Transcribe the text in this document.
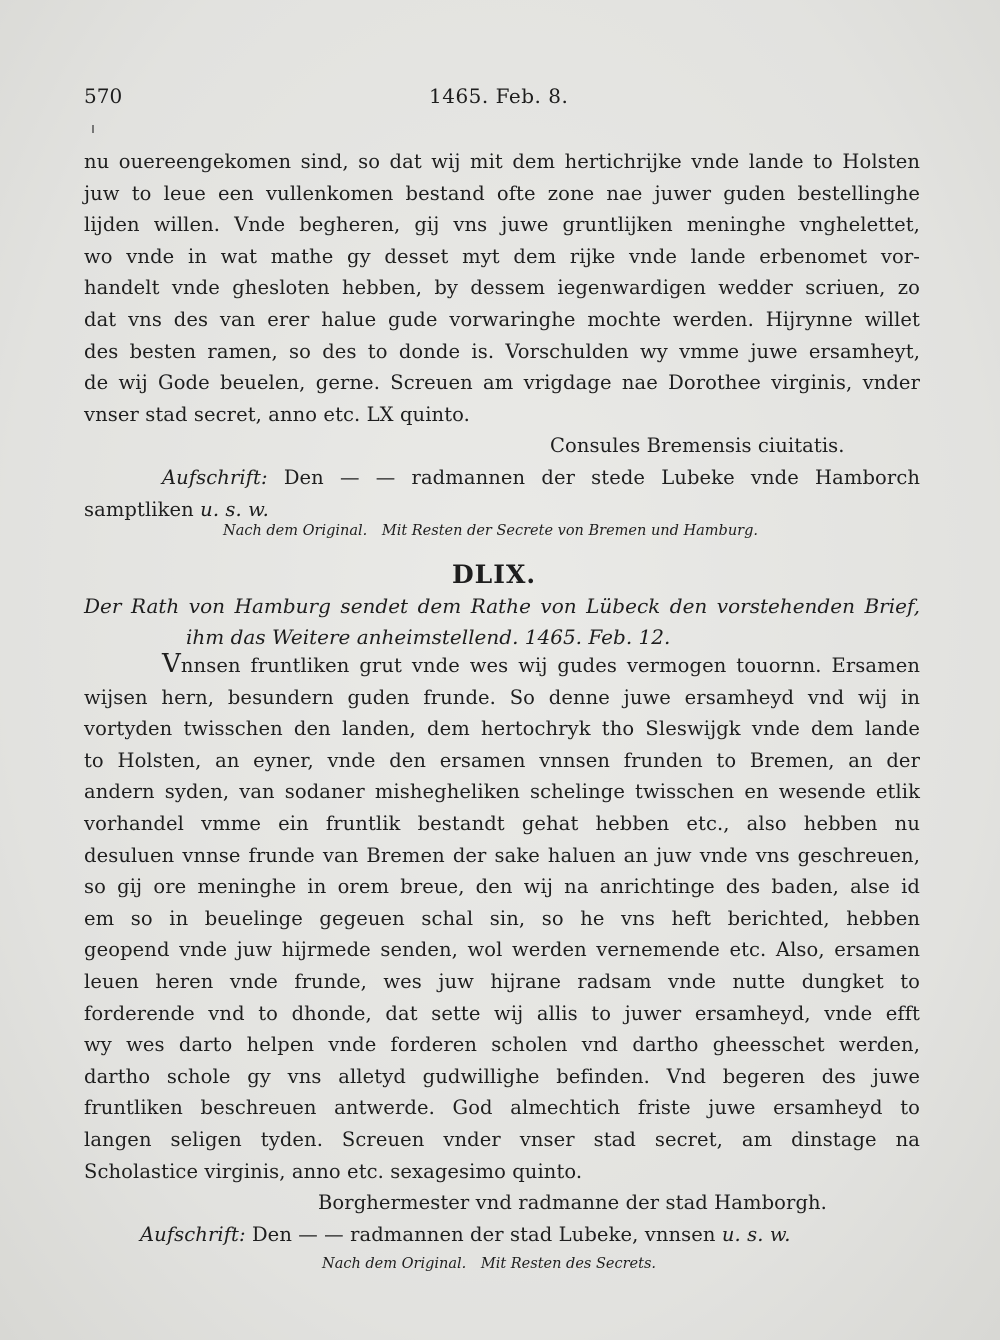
570	1465. Feb. 8.
nu ouereengekomen sind, so dat wij mit dem hertichrijke vnde lande to Holsten
juw to leue een vullenkomen bestand ofte zone nae juwer guden bestellinghe
lijden willen. Vnde begheren, gij vns juwe gruntlijken meninghe vnghelettet,
wo vnde in wat mathe gy desset myt dem rijke vnde lande erbenomet vor-
handelt vnde ghesloten hebben, by dessem iegenwardigen wedder scriuen, zo
dat vns des van erer halue gude vorwaringhe mochte werden. Hijrynne willet
des besten ramen, so des to donde is. Vorschulden wy vmme juwe ersamheyt,
de wij Gode beuelen, gerne. Screuen am vrigdage nae Dorothee virginis, vnder
vnser stad secret, anno etc. LX quinto.
Consules Bremensis ciuitatis.
Aufschrift: Den — — radmannen der stede Lubeke vnde Hamborch
samptliken u. s. w.
Nach dem Original. Mit Resten der Secrete von Bremen und Hamburg.
DLIX.
Der Rath von Hamburg sendet dem Rathe von Lübeck den vorstehenden Brief,
ihm das Weitere anheimstellend. 1465. Feb. 12.
Vnnsen fruntliken grut vnde wes wij gudes vermogen touornn. Ersamen
wijsen hern, besundern guden frunde. So denne juwe ersamheyd vnd wij in
vortyden twisschen den landen, dem hertochryk tho Sleswijgk vnde dem lande
to Holsten, an eyner, vnde den ersamen vnnsen frunden to Bremen, an der
andern syden, van sodaner misheghelikеn schelinge twisschen en wesende etlik
vorhandel vmme ein fruntlik bestandt gehat hebben etc., also hebben nu
desuluen vnnse frunde van Bremen der sake haluen an juw vnde vns geschreuen,
so gij ore meninghe in orem breue, den wij na anrichtinge des baden, alse id
em so in beuelinge gegeuen schal sin, so he vns heft berichted, hebben
geopend vnde juw hijrmede senden, wol werden vernemende etc. Also, ersamen
leuen heren vnde frunde, wes juw hijrane radsam vnde nutte dungket to
forderende vnd to dhonde, dat sette wij allis to juwer ersamheyd, vnde efft
wy wes darto helpen vnde forderen scholen vnd dartho gheesschet werden,
dartho schole gy vns alletyd gudwillighe befinden. Vnd begeren des juwe
fruntliken beschreuen antwerde. God almechtich friste juwe ersamheyd to
langen seligen tyden. Screuen vnder vnser stad secret, am dinstage na
Scholastice virginis, anno etc. sexagesimo quinto.
Borghermester vnd radmanne der stad Hamborgh.
Aufschrift: Den — — radmannen der stad Lubeke, vnnsen u. s. w.
Nach dem Original. Mit Resten des Secrets.
